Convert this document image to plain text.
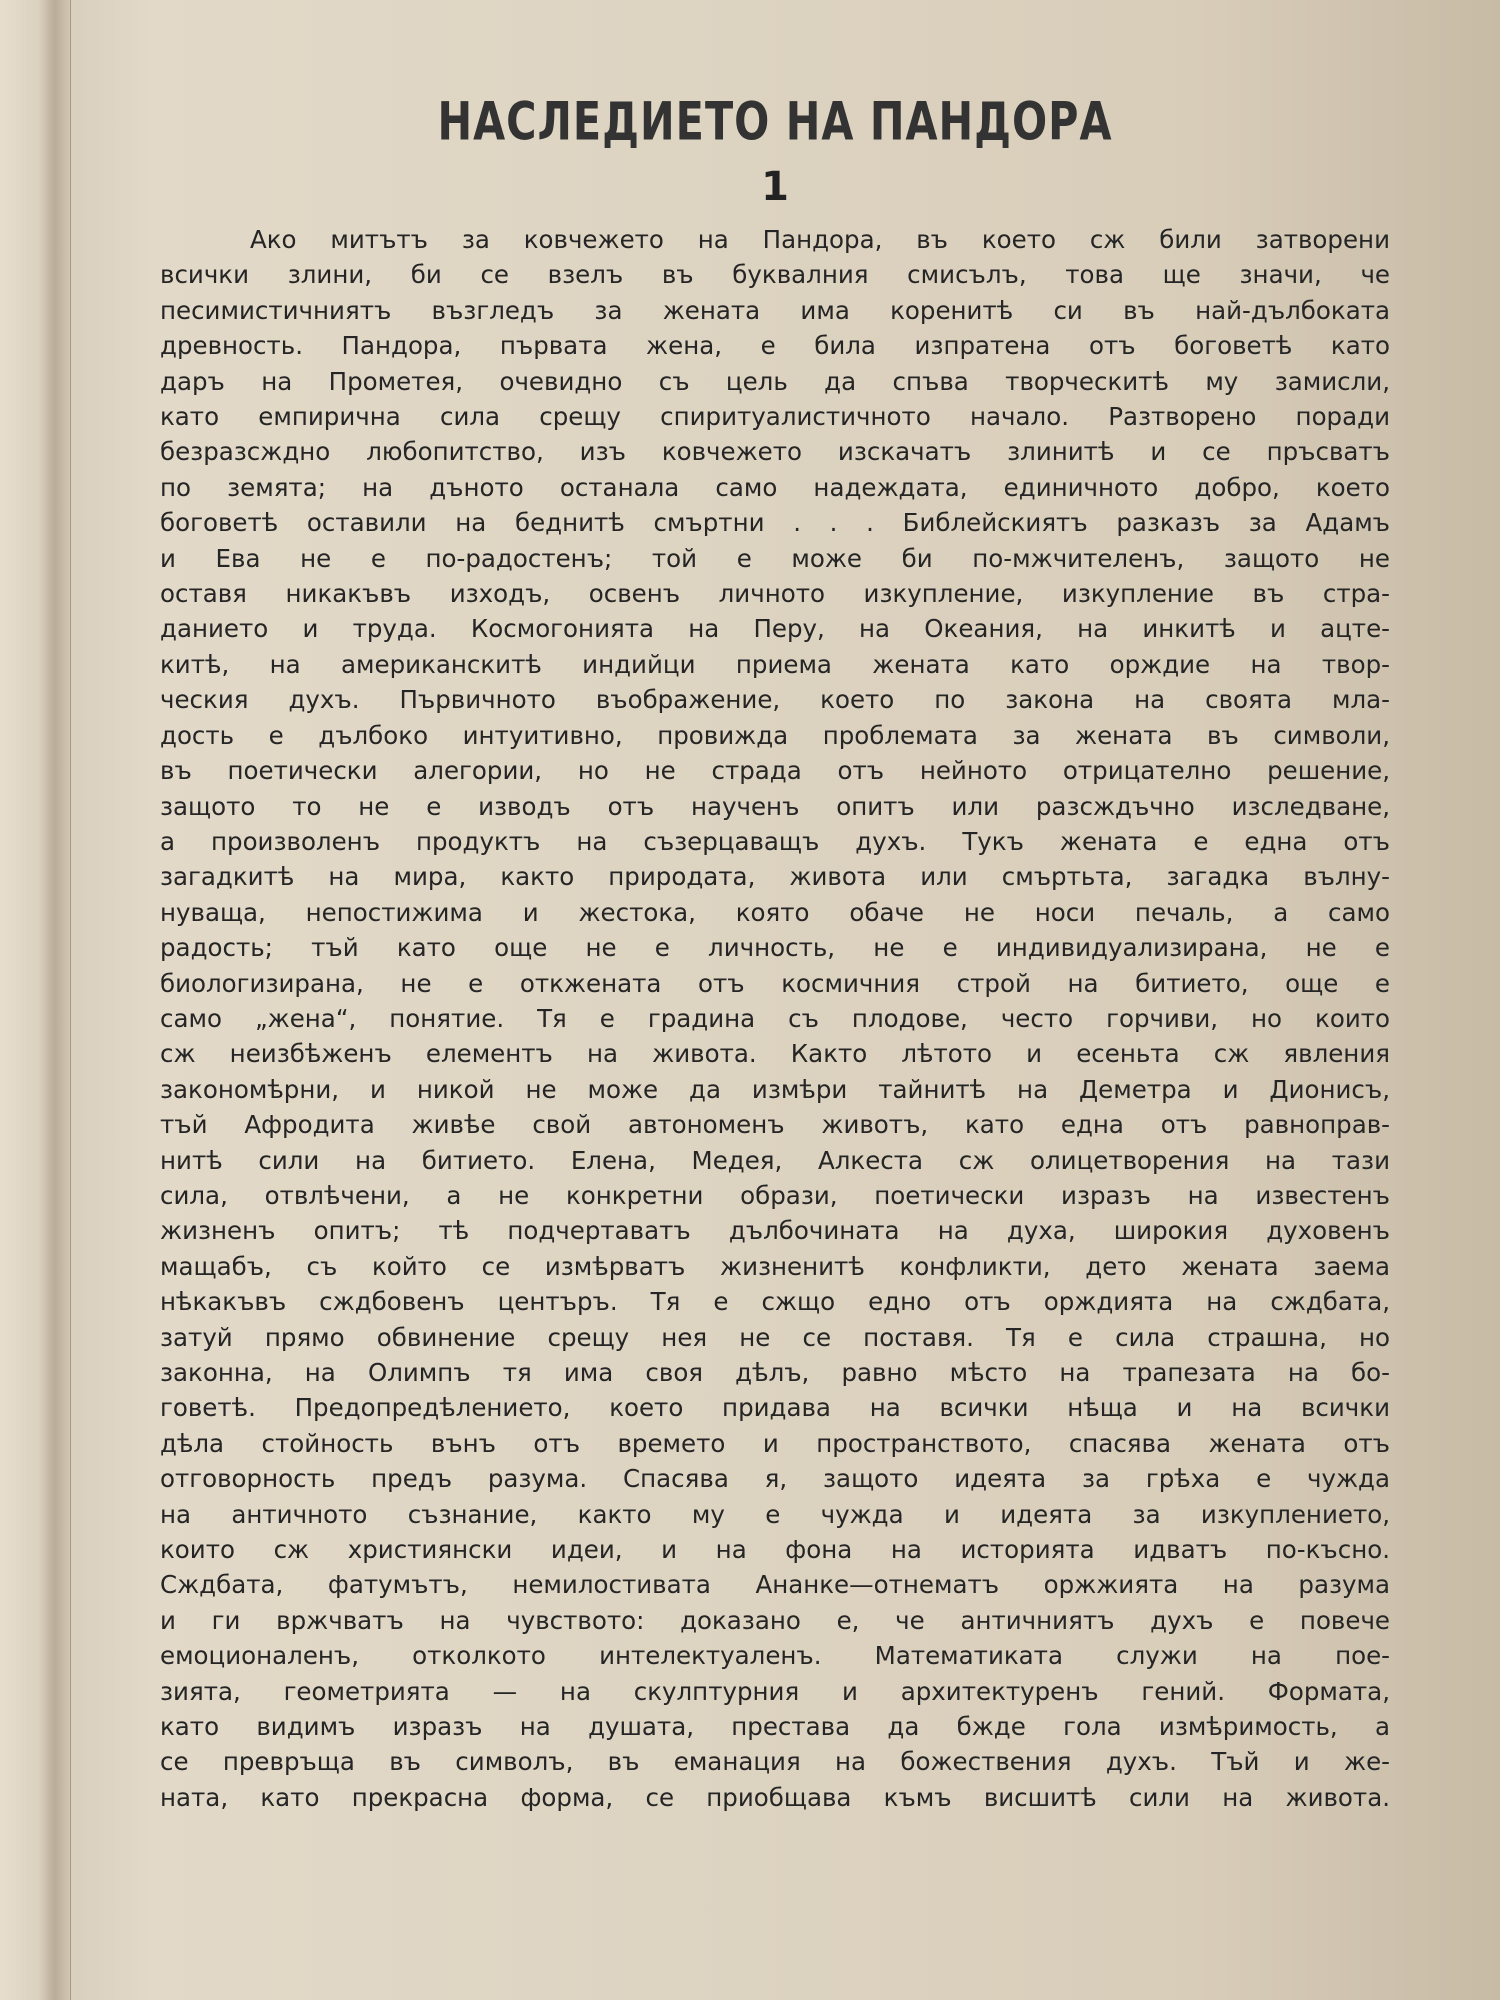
НАСЛЕДИЕТО НА ПАНДОРА
1
Ако митътъ за ковчежето на Пандора, въ което сж били затворени
всички злини, би се взелъ въ буквалния смисълъ, това ще значи, че
песимистичниятъ възгледъ за жената има коренитѣ си въ най-дълбоката
древность. Пандора, първата жена, е била изпратена отъ боговетѣ като
даръ на Прометея, очевидно съ цель да спъва творческитѣ му замисли,
като емпирична сила срещу спиритуалистичното начало. Разтворено поради
безразсждно любопитство, изъ ковчежето изскачатъ злинитѣ и се пръсватъ
по земята; на дъното останала само надеждата, единичното добро, което
боговетѣ оставили на беднитѣ смъртни . . . Библейскиятъ разказъ за Адамъ
и Ева не е по-радостенъ; той е може би по-мжчителенъ, защото не
оставя никакъвъ изходъ, освенъ личното изкупление, изкупление въ стра-
данието и труда. Космогонията на Перу, на Океания, на инкитѣ и ацте-
китѣ, на американскитѣ индийци приема жената като орждие на твор-
ческия духъ. Първичното въображение, което по закона на своята мла-
дость е дълбоко интуитивно, провижда проблемата за жената въ символи,
въ поетически алегории, но не страда отъ нейното отрицателно решение,
защото то не е изводъ отъ наученъ опитъ или разсждъчно изследване,
а произволенъ продуктъ на съзерцаващъ духъ. Тукъ жената е една отъ
загадкитѣ на мира, както природата, живота или смъртьта, загадка вълну-
нуваща, непостижима и жестока, която обаче не носи печаль, а само
радость; тъй като още не е личность, не е индивидуализирана, не е
биологизирана, не е откжената отъ космичния строй на битието, още е
само „жена“, понятие. Тя е градина съ плодове, често горчиви, но които
сж неизбѣженъ елементъ на живота. Както лѣтото и есеньта сж явления
закономѣрни, и никой не може да измѣри тайнитѣ на Деметра и Дионисъ,
тъй Афродита живѣе свой автономенъ животъ, като една отъ равноправ-
нитѣ сили на битието. Елена, Медея, Алкеста сж олицетворения на тази
сила, отвлѣчени, а не конкретни образи, поетически изразъ на известенъ
жизненъ опитъ; тѣ подчертаватъ дълбочината на духа, широкия духовенъ
мащабъ, съ който се измѣрватъ жизненитѣ конфликти, дето жената заема
нѣкакъвъ сждбовенъ центъръ. Тя е сжщо едно отъ орждията на сждбата,
затуй прямо обвинение срещу нея не се поставя. Тя е сила страшна, но
законна, на Олимпъ тя има своя дѣлъ, равно мѣсто на трапезата на бо-
говетѣ. Предопредѣлението, което придава на всички нѣща и на всички
дѣла стойность вънъ отъ времето и пространството, спасява жената отъ
отговорность предъ разума. Спасява я, защото идеята за грѣха е чужда
на античното съзнание, както му е чужда и идеята за изкуплението,
които сж християнски идеи, и на фона на историята идватъ по-късно.
Сждбата, фатумътъ, немилостивата Ананке—отнематъ оржжията на разума
и ги вржчватъ на чувството: доказано е, че античниятъ духъ е повече
емоционаленъ, отколкото интелектуаленъ. Математиката служи на пое-
зията, геометрията — на скулптурния и архитектуренъ гений. Формата,
като видимъ изразъ на душата, престава да бжде гола измѣримость, а
се превръща въ символъ, въ еманация на божествения духъ. Тъй и же-
ната, като прекрасна форма, се приобщава къмъ висшитѣ сили на живота.
